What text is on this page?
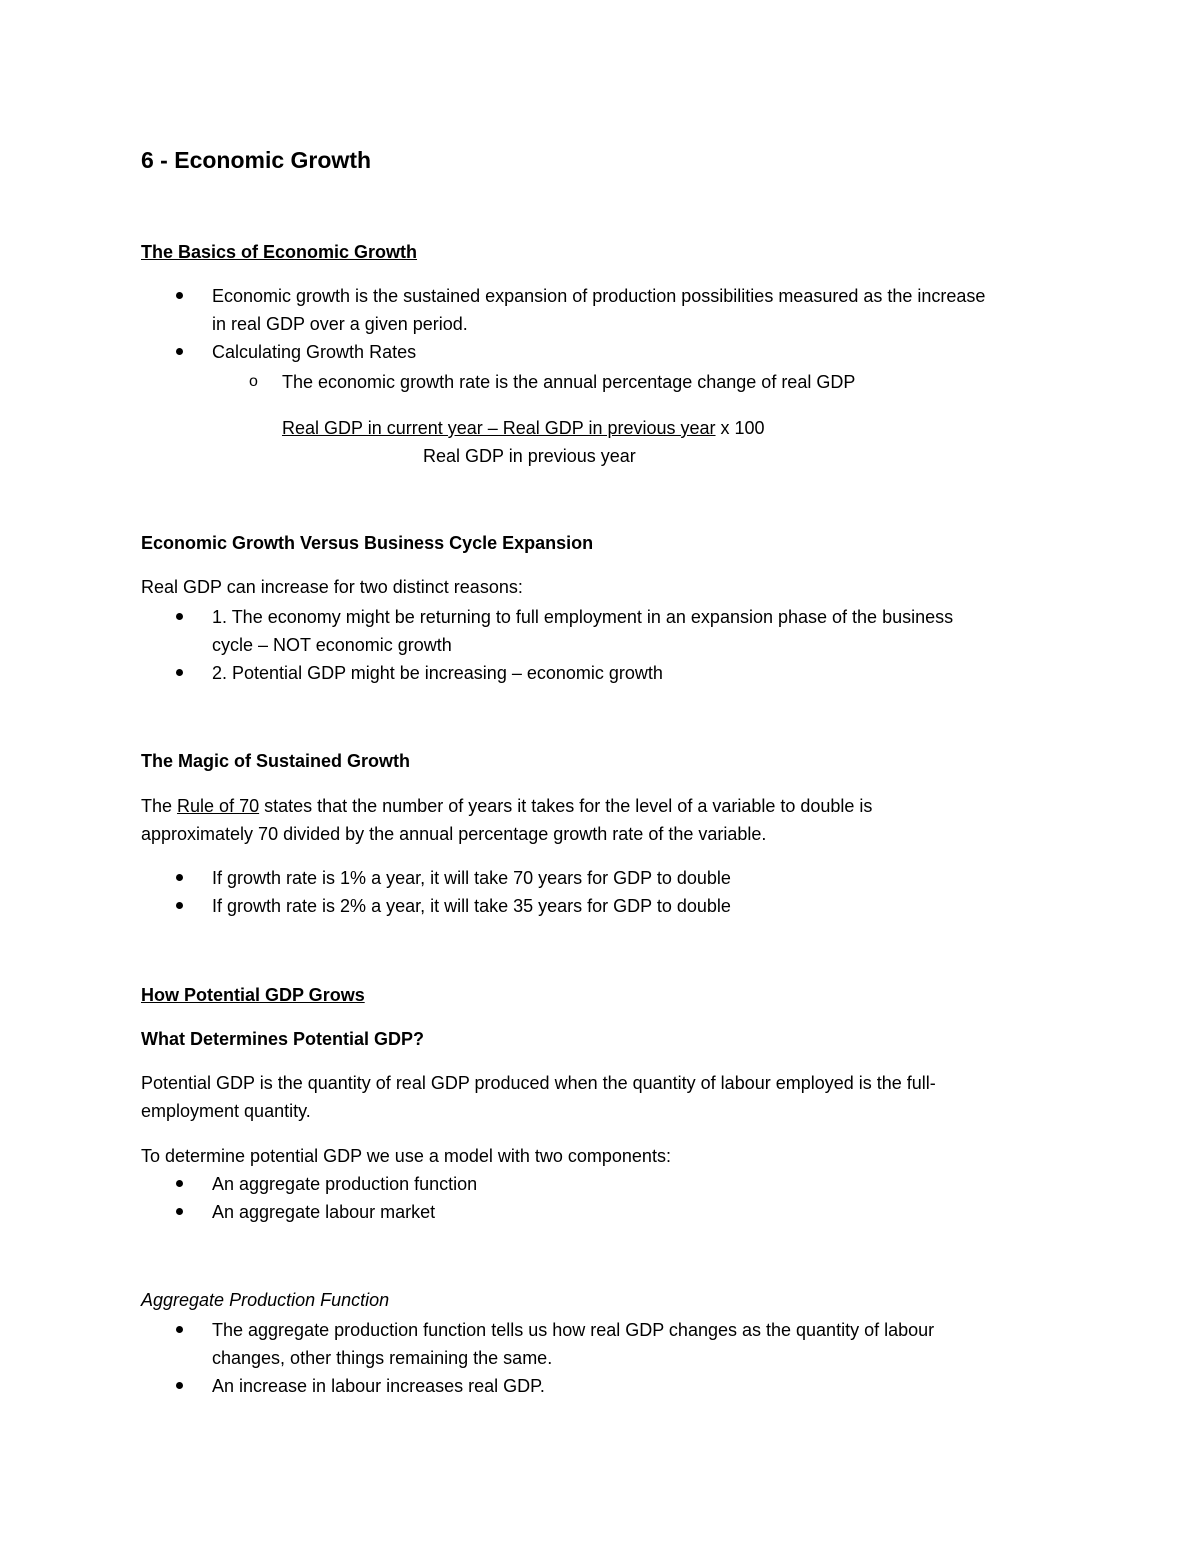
6 - Economic Growth
The Basics of Economic Growth
Economic growth is the sustained expansion of production possibilities measured as the increase
in real GDP over a given period.
Calculating Growth Rates
o The economic growth rate is the annual percentage change of real GDP
Real GDP in current year – Real GDP in previous year x 100
Real GDP in previous year
Economic Growth Versus Business Cycle Expansion
Real GDP can increase for two distinct reasons:
1. The economy might be returning to full employment in an expansion phase of the business
cycle – NOT economic growth
2. Potential GDP might be increasing – economic growth
The Magic of Sustained Growth
The Rule of 70 states that the number of years it takes for the level of a variable to double is
approximately 70 divided by the annual percentage growth rate of the variable.
If growth rate is 1% a year, it will take 70 years for GDP to double
If growth rate is 2% a year, it will take 35 years for GDP to double
How Potential GDP Grows
What Determines Potential GDP?
Potential GDP is the quantity of real GDP produced when the quantity of labour employed is the full-
employment quantity.
To determine potential GDP we use a model with two components:
An aggregate production function
An aggregate labour market
Aggregate Production Function
The aggregate production function tells us how real GDP changes as the quantity of labour
changes, other things remaining the same.
An increase in labour increases real GDP.
